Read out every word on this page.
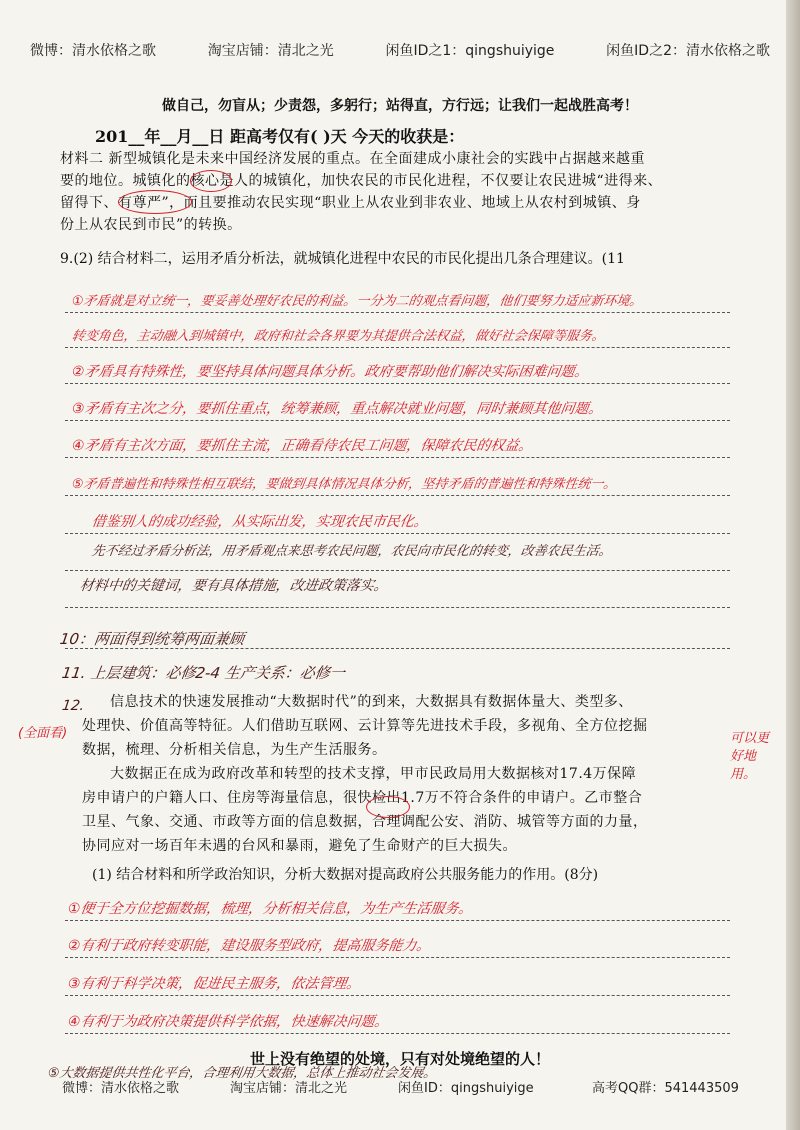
微博：清水依格之歌	淘宝店铺：清北之光	闲鱼ID之1：qingshuiyige	闲鱼ID之2：清水依格之歌
做自己，勿盲从；少责怨，多躬行；站得直，方行远；让我们一起战胜高考！
201__年__月__日 距高考仅有( )天 今天的收获是：
材料二 新型城镇化是未来中国经济发展的重点。在全面建成小康社会的实践中占据越来越重
要的地位。城镇化的核心是人的城镇化，加快农民的市民化进程，不仅要让农民进城“进得来、
留得下、有尊严”，而且要推动农民实现“职业上从农业到非农业、地域上从农村到城镇、身
份上从农民到市民”的转换。
9.(2) 结合材料二，运用矛盾分析法，就城镇化进程中农民的市民化提出几条合理建议。(11
①矛盾就是对立统一，要妥善处理好农民的利益。一分为二的观点看问题，他们要努力适应新环境。
转变角色，主动融入到城镇中，政府和社会各界要为其提供合法权益，做好社会保障等服务。
②矛盾具有特殊性，要坚持具体问题具体分析。政府要帮助他们解决实际困难问题。
③矛盾有主次之分，要抓住重点，统筹兼顾，重点解决就业问题，同时兼顾其他问题。
④矛盾有主次方面，要抓住主流，正确看待农民工问题，保障农民的权益。
⑤矛盾普遍性和特殊性相互联结，要做到具体情况具体分析，坚持矛盾的普遍性和特殊性统一。
借鉴别人的成功经验，从实际出发，实现农民市民化。
先不经过矛盾分析法，用矛盾观点来思考农民问题，农民向市民化的转变，改善农民生活。
材料中的关键词，要有具体措施，改进政策落实。
10：两面得到统筹两面兼顾
11. 上层建筑：必修2-4 生产关系：必修一
12.	信息技术的快速发展推动“大数据时代”的到来，大数据具有数据体量大、类型多、
处理快、价值高等特征。人们借助互联网、云计算等先进技术手段，多视角、全方位挖掘
数据，梳理、分析相关信息，为生产生活服务。
大数据正在成为政府改革和转型的技术支撑，甲市民政局用大数据核对17.4万保障
房申请户的户籍人口、住房等海量信息，很快检出1.7万不符合条件的申请户。乙市整合
卫星、气象、交通、市政等方面的信息数据，合理调配公安、消防、城管等方面的力量，
协同应对一场百年未遇的台风和暴雨，避免了生命财产的巨大损失。
(全面看)	可以更好地用。
(1) 结合材料和所学政治知识，分析大数据对提高政府公共服务能力的作用。(8分)
①便于全方位挖掘数据，梳理，分析相关信息，为生产生活服务。
②有利于政府转变职能，建设服务型政府，提高服务能力。
③有利于科学决策，促进民主服务，依法管理。
④有利于为政府决策提供科学依据，快速解决问题。
世上没有绝望的处境，只有对处境绝望的人！
⑤大数据提供共性化平台，合理利用大数据，总体上推动社会发展。
微博：清水依格之歌	淘宝店铺：清北之光	闲鱼ID：qingshuiyige	高考QQ群：541443509
